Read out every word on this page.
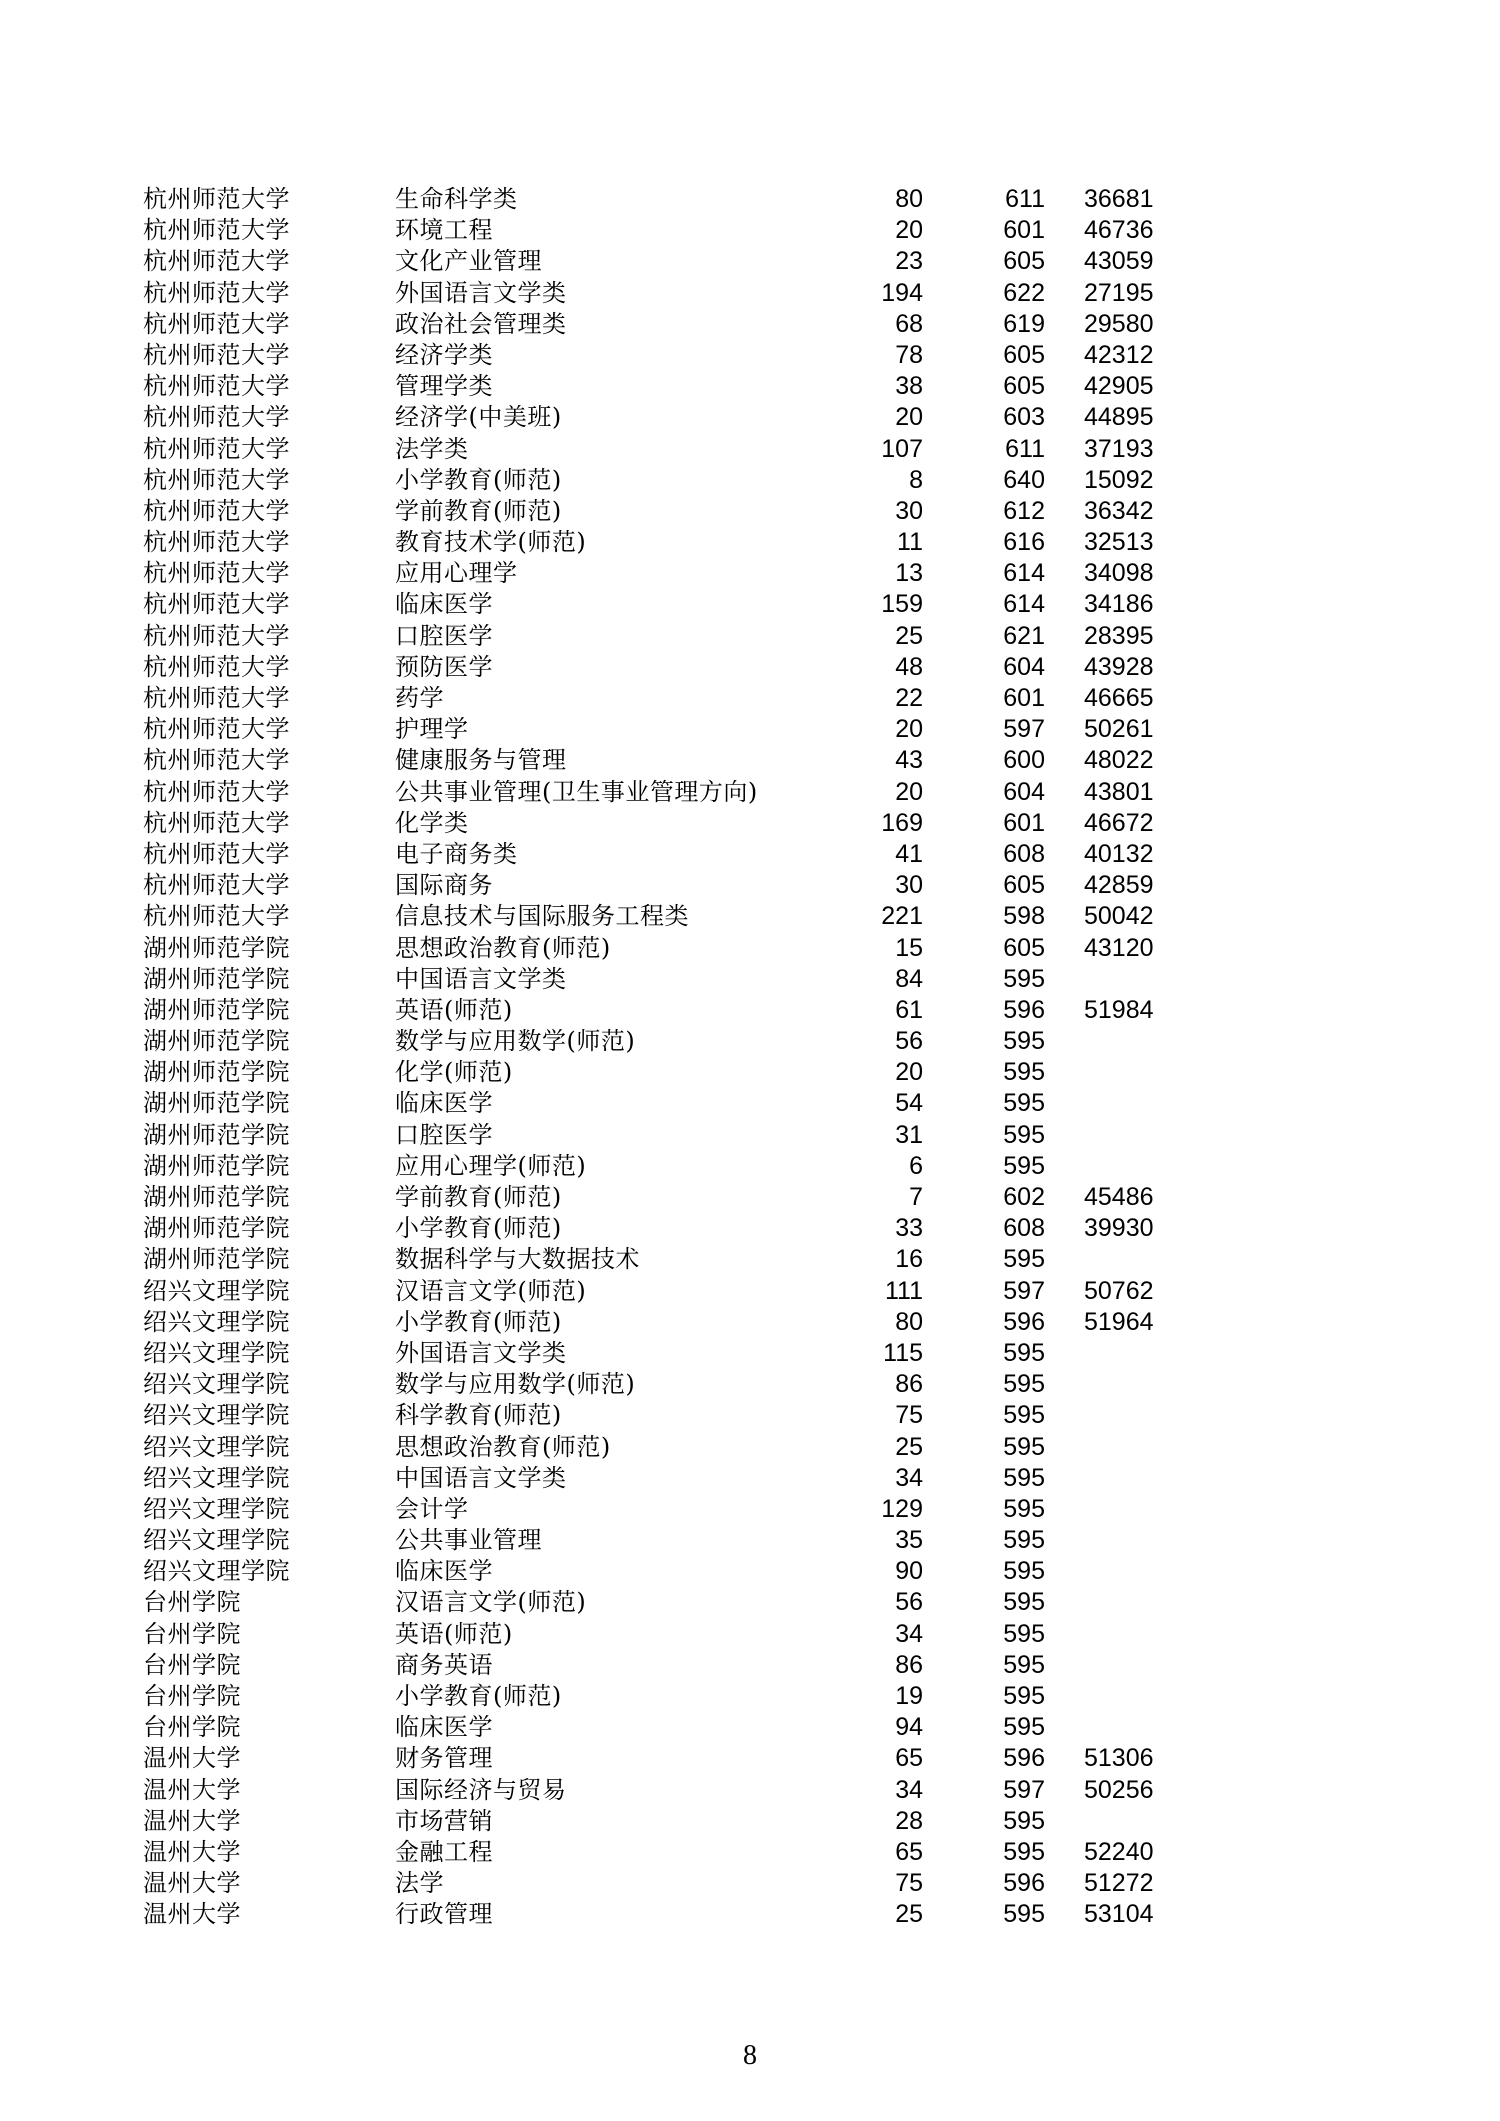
杭州师范大学	生命科学类	80	611 36681
杭州师范大学	环境工程	20	601 46736
杭州师范大学	文化产业管理	23	605 43059
杭州师范大学	外国语言文学类	194	622 27195
杭州师范大学	政治社会管理类	68	619 29580
杭州师范大学	经济学类	78	605 42312
杭州师范大学	管理学类	38	605 42905
杭州师范大学	经济学(中美班)	20	603 44895
杭州师范大学	法学类	107	611 37193
杭州师范大学	小学教育(师范)	8	640 15092
杭州师范大学	学前教育(师范)	30	612 36342
杭州师范大学	教育技术学(师范)	11	616 32513
杭州师范大学	应用心理学	13	614 34098
杭州师范大学	临床医学	159	614 34186
杭州师范大学	口腔医学	25	621 28395
杭州师范大学	预防医学	48	604 43928
杭州师范大学	药学	22	601 46665
杭州师范大学	护理学	20	597 50261
杭州师范大学	健康服务与管理	43	600 48022
杭州师范大学	公共事业管理(卫生事业管理方向)	20	604 43801
杭州师范大学	化学类	169	601 46672
杭州师范大学	电子商务类	41	608 40132
杭州师范大学	国际商务	30	605 42859
杭州师范大学	信息技术与国际服务工程类	221	598 50042
湖州师范学院	思想政治教育(师范)	15	605 43120
湖州师范学院	中国语言文学类	84	595
湖州师范学院	英语(师范)	61	596 51984
湖州师范学院	数学与应用数学(师范)	56	595
湖州师范学院	化学(师范)	20	595
湖州师范学院	临床医学	54	595
湖州师范学院	口腔医学	31	595
湖州师范学院	应用心理学(师范)	6	595
湖州师范学院	学前教育(师范)	7	602 45486
湖州师范学院	小学教育(师范)	33	608 39930
湖州师范学院	数据科学与大数据技术	16	595
绍兴文理学院	汉语言文学(师范)	111	597 50762
绍兴文理学院	小学教育(师范)	80	596 51964
绍兴文理学院	外国语言文学类	115	595
绍兴文理学院	数学与应用数学(师范)	86	595
绍兴文理学院	科学教育(师范)	75	595
绍兴文理学院	思想政治教育(师范)	25	595
绍兴文理学院	中国语言文学类	34	595
绍兴文理学院	会计学	129	595
绍兴文理学院	公共事业管理	35	595
绍兴文理学院	临床医学	90	595
台州学院	汉语言文学(师范)	56	595
台州学院	英语(师范)	34	595
台州学院	商务英语	86	595
台州学院	小学教育(师范)	19	595
台州学院	临床医学	94	595
温州大学	财务管理	65	596 51306
温州大学	国际经济与贸易	34	597 50256
温州大学	市场营销	28	595
温州大学	金融工程	65	595 52240
温州大学	法学	75	596 51272
温州大学	行政管理	25	595 53104
8
